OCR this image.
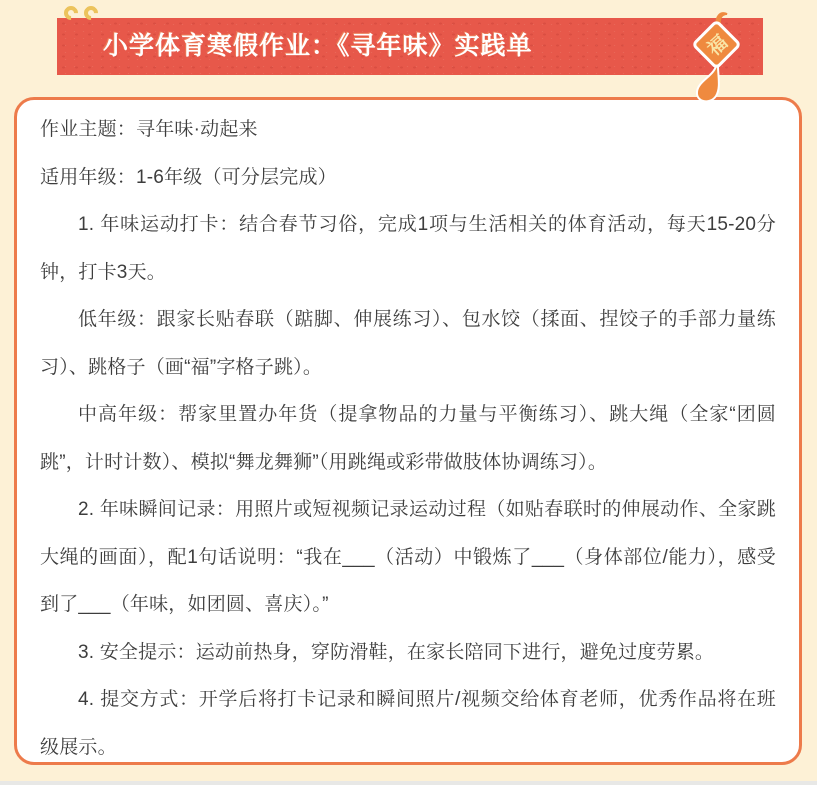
小学体育寒假作业：《寻年味》实践单	福

作业主题：寻年味·动起来

适用年级：1-6年级（可分层完成）

1. 年味运动打卡：结合春节习俗，完成1项与生活相关的体育活动，每天15-20分钟，打卡3天。

低年级：跟家长贴春联（踮脚、伸展练习）、包水饺（揉面、捏饺子的手部力量练习）、跳格子（画“福”字格子跳）。

中高年级：帮家里置办年货（提拿物品的力量与平衡练习）、跳大绳（全家“团圆跳”，计时计数）、模拟“舞龙舞狮”（用跳绳或彩带做肢体协调练习）。

2. 年味瞬间记录：用照片或短视频记录运动过程（如贴春联时的伸展动作、全家跳大绳的画面），配1句话说明：“我在___（活动）中锻炼了___（身体部位/能力），感受到了___（年味，如团圆、喜庆）。”

3. 安全提示：运动前热身，穿防滑鞋，在家长陪同下进行，避免过度劳累。

4. 提交方式：开学后将打卡记录和瞬间照片/视频交给体育老师，优秀作品将在班级展示。
